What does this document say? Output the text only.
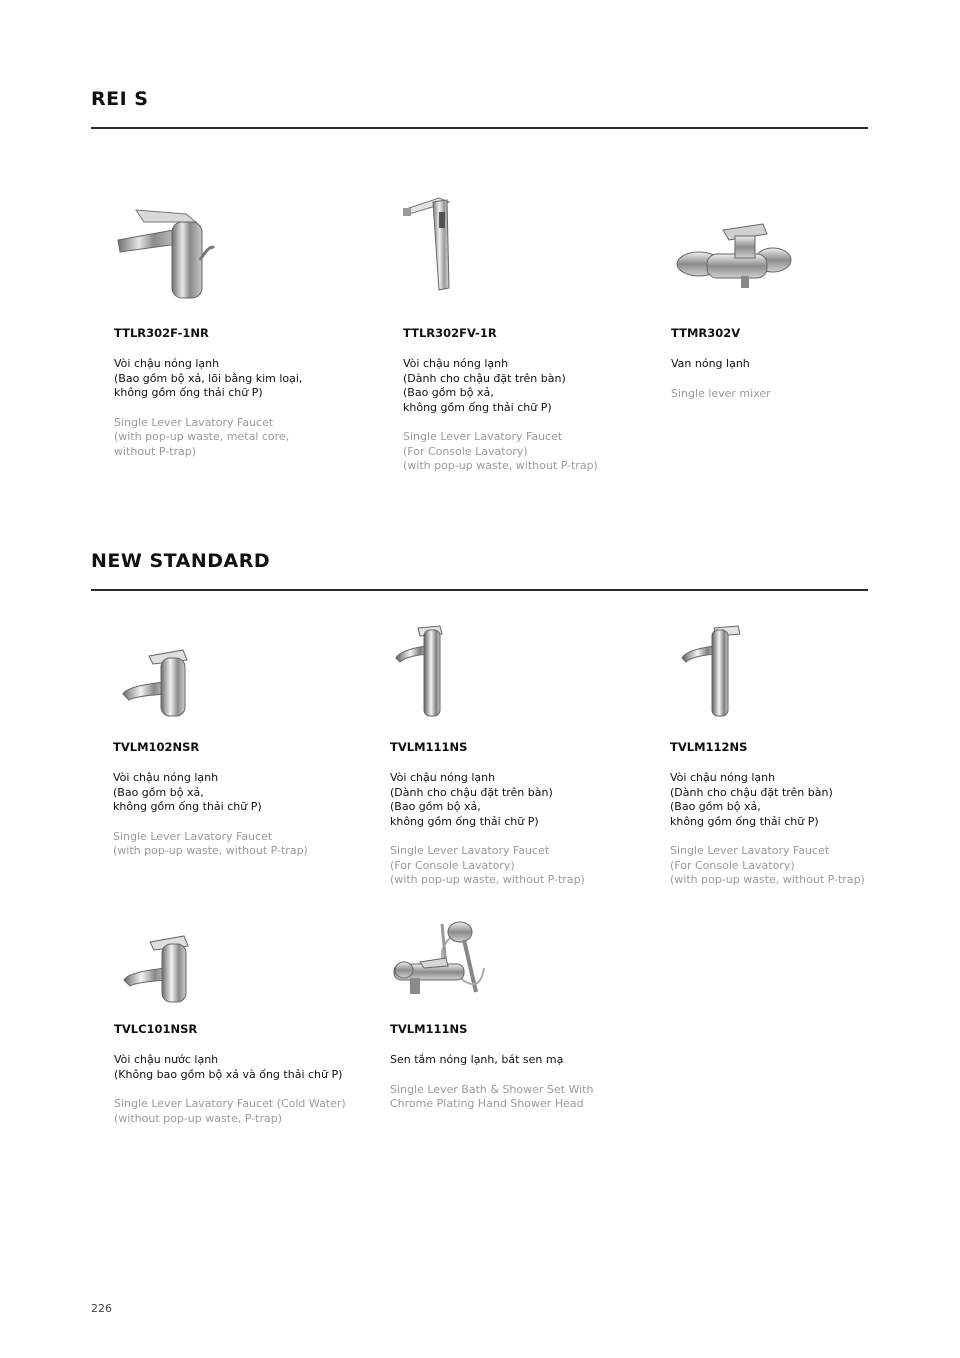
REI S
TTLR302F-1NR
Vòi chậu nóng lạnh
(Bao gồm bộ xả, lõi bằng kim loại,
không gồm ống thải chữ P)
Single Lever Lavatory Faucet
(with pop-up waste, metal core,
without P-trap)
TTLR302FV-1R
Vòi chậu nóng lạnh
(Dành cho chậu đặt trên bàn)
(Bao gồm bộ xả,
không gồm ống thải chữ P)
Single Lever Lavatory Faucet
(For Console Lavatory)
(with pop-up waste, without P-trap)
TTMR302V
Van nóng lạnh
Single lever mixer
NEW STANDARD
TVLM102NSR
Vòi chậu nóng lạnh
(Bao gồm bộ xả,
không gồm ống thải chữ P)
Single Lever Lavatory Faucet
(with pop-up waste, without P-trap)
TVLM111NS
Vòi chậu nóng lạnh
(Dành cho chậu đặt trên bàn)
(Bao gồm bộ xả,
không gồm ống thải chữ P)
Single Lever Lavatory Faucet
(For Console Lavatory)
(with pop-up waste, without P-trap)
TVLM112NS
Vòi chậu nóng lạnh
(Dành cho chậu đặt trên bàn)
(Bao gồm bộ xả,
không gồm ống thải chữ P)
Single Lever Lavatory Faucet
(For Console Lavatory)
(with pop-up waste, without P-trap)
TVLC101NSR
Vòi chậu nước lạnh
(Không bao gồm bộ xả và ống thải chữ P)
Single Lever Lavatory Faucet (Cold Water)
(without pop-up waste, P-trap)
TVLM111NS
Sen tắm nóng lạnh, bát sen mạ
Single Lever Bath & Shower Set With
Chrome Plating Hand Shower Head
226
